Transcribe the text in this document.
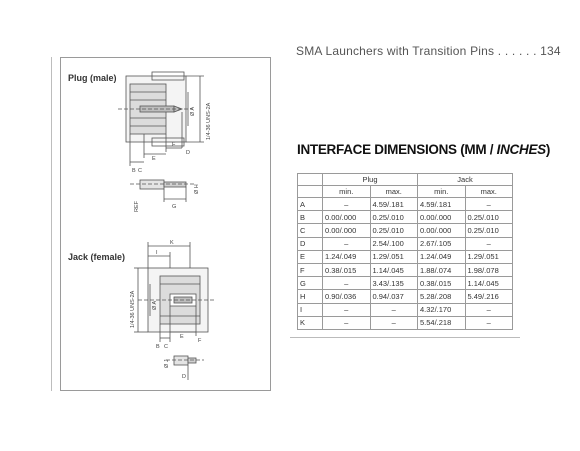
SMA Launchers with Transition Pins . . . . . . 134
INTERFACE DIMENSIONS (MM / INCHES)
Plug (male)
B C
E
F
D
Ø A 1/4-36 UNS-2A
G
REF
Ø H
Jack (female)
K
I
E
F
B C
Ø A
1/4-36 UNS-2A
Ø J
D
	Plug		Jack	
	min.	max.	min.	max.
A	–	4.59/.181	4.59/.181	–
B	0.00/.000	0.25/.010	0.00/.000	0.25/.010
C	0.00/.000	0.25/.010	0.00/.000	0.25/.010
D	–	2.54/.100	2.67/.105	–
E	1.24/.049	1.29/.051	1.24/.049	1.29/.051
F	0.38/.015	1.14/.045	1.88/.074	1.98/.078
G	–	3.43/.135	0.38/.015	1.14/.045
H	0.90/.036	0.94/.037	5.28/.208	5.49/.216
I	–	–	4.32/.170	–
K	–	–	5.54/.218	–
